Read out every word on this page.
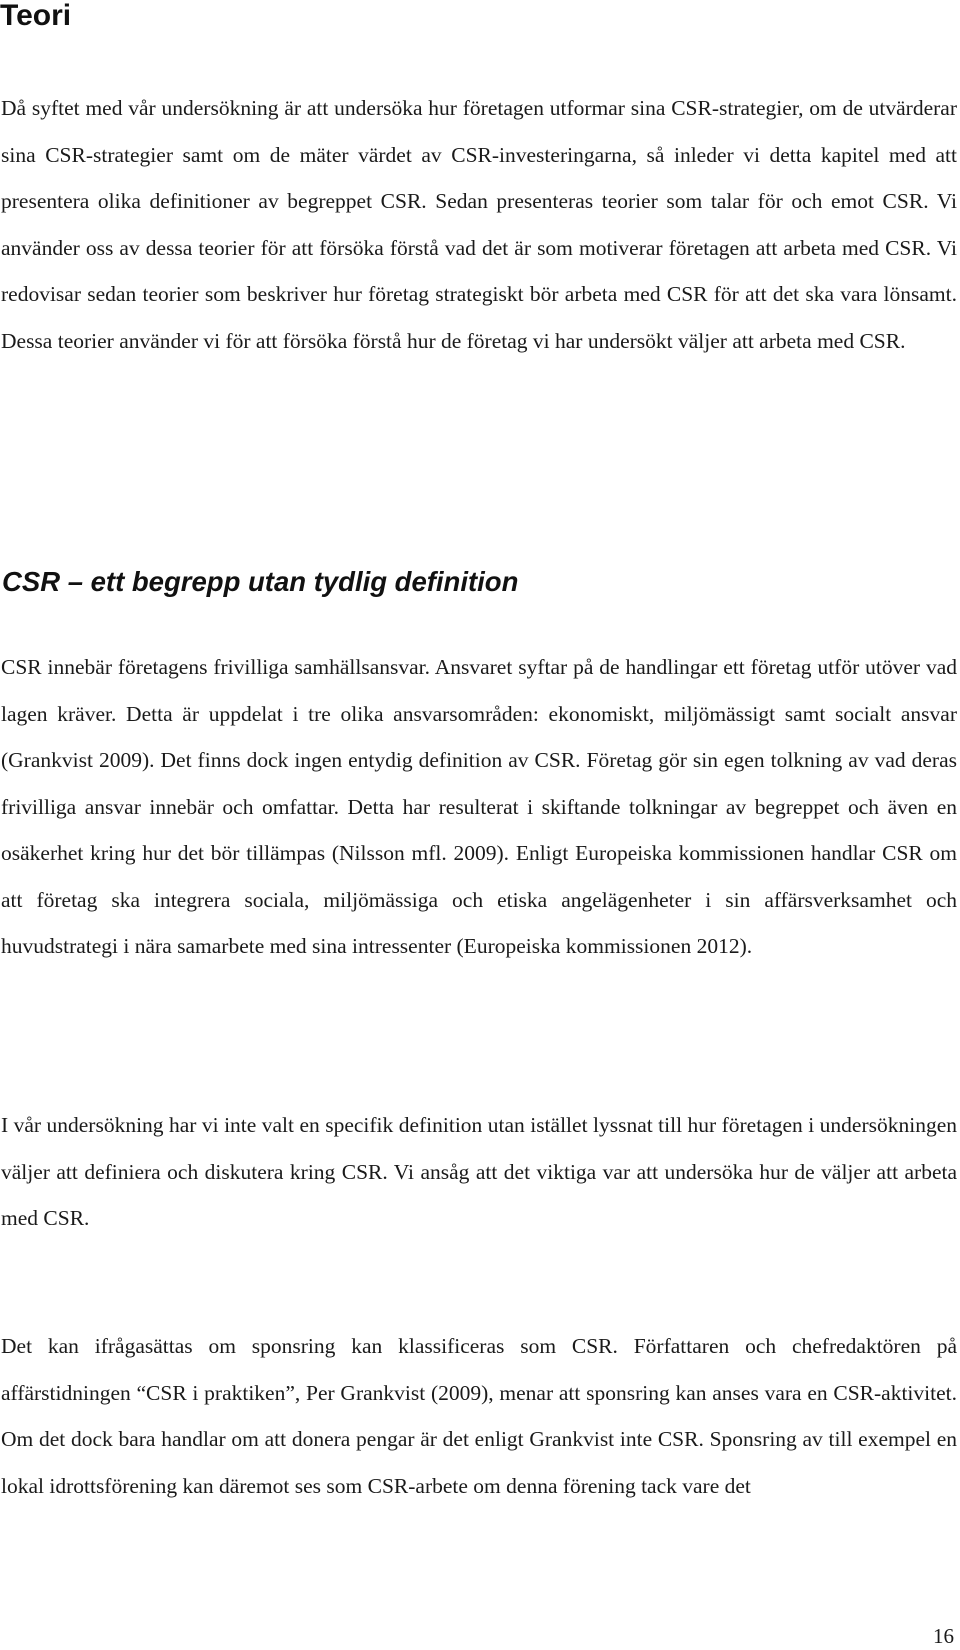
Teori

Då syftet med vår undersökning är att undersöka hur företagen utformar sina CSR-strategier, om de utvärderar sina CSR-strategier samt om de mäter värdet av CSR-investeringarna, så inleder vi detta kapitel med att presentera olika definitioner av begreppet CSR. Sedan presenteras teorier som talar för och emot CSR. Vi använder oss av dessa teorier för att försöka förstå vad det är som motiverar företagen att arbeta med CSR. Vi redovisar sedan teorier som beskriver hur företag strategiskt bör arbeta med CSR för att det ska vara lönsamt. Dessa teorier använder vi för att försöka förstå hur de företag vi har undersökt väljer att arbeta med CSR.

CSR – ett begrepp utan tydlig definition

CSR innebär företagens frivilliga samhällsansvar. Ansvaret syftar på de handlingar ett företag utför utöver vad lagen kräver. Detta är uppdelat i tre olika ansvarsområden: ekonomiskt, miljömässigt samt socialt ansvar (Grankvist 2009). Det finns dock ingen entydig definition av CSR. Företag gör sin egen tolkning av vad deras frivilliga ansvar innebär och omfattar. Detta har resulterat i skiftande tolkningar av begreppet och även en osäkerhet kring hur det bör tillämpas (Nilsson mfl. 2009). Enligt Europeiska kommissionen handlar CSR om att företag ska integrera sociala, miljömässiga och etiska angelägenheter i sin affärsverksamhet och huvudstrategi i nära samarbete med sina intressenter (Europeiska kommissionen 2012).

I vår undersökning har vi inte valt en specifik definition utan istället lyssnat till hur företagen i undersökningen väljer att definiera och diskutera kring CSR. Vi ansåg att det viktiga var att undersöka hur de väljer att arbeta med CSR.

Det kan ifrågasättas om sponsring kan klassificeras som CSR. Författaren och chefredaktören på affärstidningen “CSR i praktiken”, Per Grankvist (2009), menar att sponsring kan anses vara en CSR-aktivitet. Om det dock bara handlar om att donera pengar är det enligt Grankvist inte CSR. Sponsring av till exempel en lokal idrottsförening kan däremot ses som CSR-arbete om denna förening tack vare det

16
